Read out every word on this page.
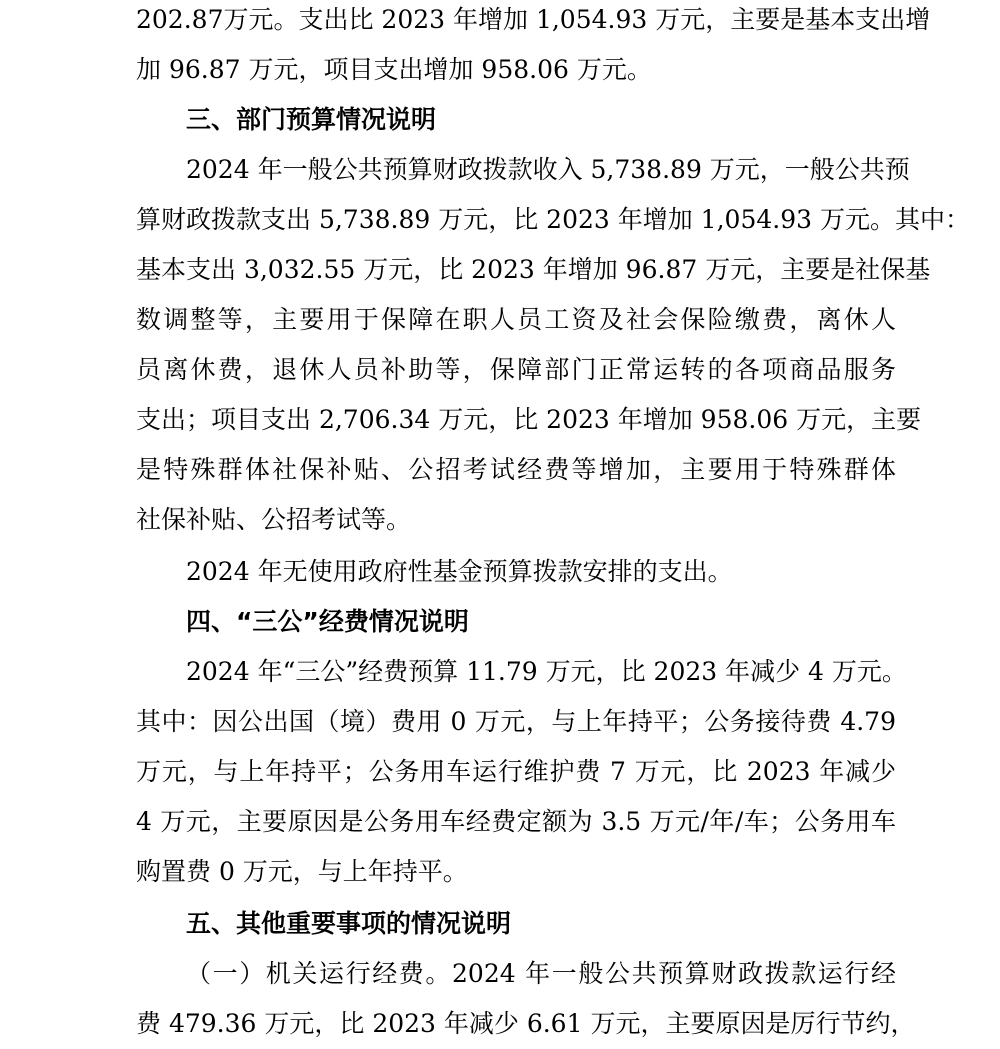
202.87万元。支出比 2023 年增加 1,054.93 万元，主要是基本支出增
加 96.87 万元，项目支出增加 958.06 万元。
三、部门预算情况说明
2024 年一般公共预算财政拨款收入 5,738.89 万元，一般公共预
算财政拨款支出 5,738.89 万元，比 2023 年增加 1,054.93 万元。其中：
基本支出 3,032.55 万元，比 2023 年增加 96.87 万元，主要是社保基
数调整等，主要用于保障在职人员工资及社会保险缴费，离休人
员离休费，退休人员补助等，保障部门正常运转的各项商品服务
支出；项目支出 2,706.34 万元，比 2023 年增加 958.06 万元，主要
是特殊群体社保补贴、公招考试经费等增加，主要用于特殊群体
社保补贴、公招考试等。
2024 年无使用政府性基金预算拨款安排的支出。
四、“三公”经费情况说明
2024 年“三公”经费预算 11.79 万元，比 2023 年减少 4 万元。
其中：因公出国（境）费用 0 万元，与上年持平；公务接待费 4.79
万元，与上年持平；公务用车运行维护费 7 万元，比 2023 年减少
4 万元，主要原因是公务用车经费定额为 3.5 万元/年/车；公务用车
购置费 0 万元，与上年持平。
五、其他重要事项的情况说明
（一）机关运行经费。2024 年一般公共预算财政拨款运行经
费 479.36 万元，比 2023 年减少 6.61 万元，主要原因是厉行节约，
